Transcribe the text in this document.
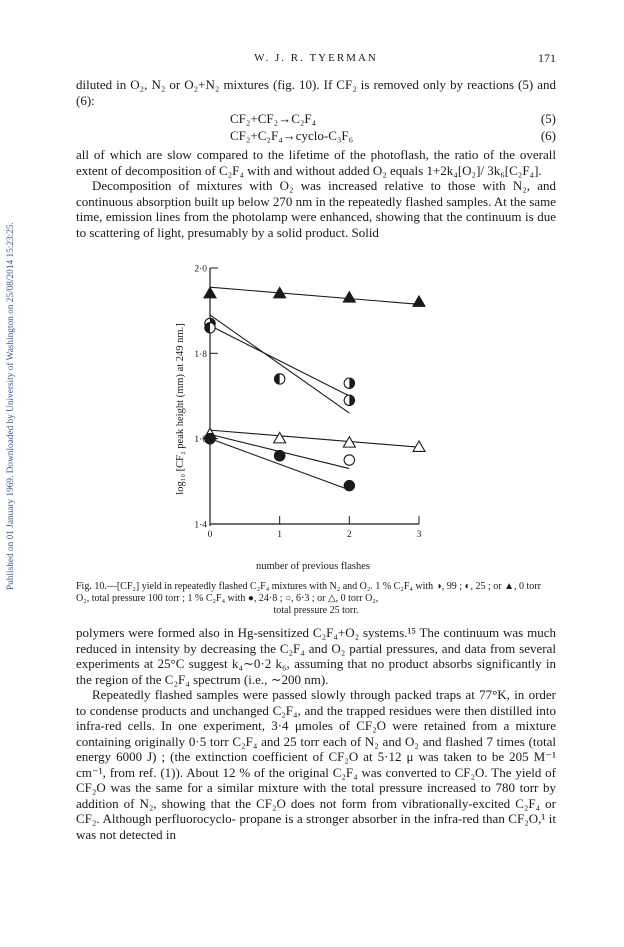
Published on 01 January 1969. Downloaded by University of Washington on 25/08/2014 15:23:25.
W. J. R. TYERMAN	171

diluted in O₂, N₂ or O₂+N₂ mixtures (fig. 10). If CF₂ is removed only by reactions (5) and (6):

CF₂+CF₂→C₂F₄	(5)
CF₂+C₂F₄→cyclo-C₃F₆	(6)

all of which are slow compared to the lifetime of the photoflash, the ratio of the overall extent of decomposition of C₂F₄ with and without added O₂ equals 1+2k₄[O₂]/ 3k₆[C₂F₄].

Decomposition of mixtures with O₂ was increased relative to those with N₂, and continuous absorption built up below 270 nm in the repeatedly flashed samples. At the same time, emission lines from the photolamp were enhanced, showing that the continuum is due to scattering of light, presumably by a solid product. Solid

0	1	2	3
1·4
1·6
1·8
2·0
log₁₀ [CF₂ peak height (mm) at 249 nm.]
number of previous flashes

Fig. 10.—[CF₂] yield in repeatedly flashed C₂F₄ mixtures with N₂ and O₂. 1 % C₂F₄ with ◑, 99 ; ◐, 25 ; or ▲, 0 torr O₂, total pressure 100 torr ; 1 % C₂F₄ with ●, 24·8 ; ○, 6·3 ; or △, 0 torr O₂,

total pressure 25 torr.

polymers were formed also in Hg-sensitized C₂F₄+O₂ systems.¹⁵ The continuum was much reduced in intensity by decreasing the C₂F₄ and O₂ partial pressures, and data from several experiments at 25°C suggest k₄∼0·2 k₆, assuming that no product absorbs significantly in the region of the C₂F₄ spectrum (i.e., ∼200 nm).

Repeatedly flashed samples were passed slowly through packed traps at 77°K, in order to condense products and unchanged C₂F₄, and the trapped residues were then distilled into infra-red cells. In one experiment, 3·4 μmoles of CF₂O were retained from a mixture containing originally 0·5 torr C₂F₄ and 25 torr each of N₂ and O₂ and flashed 7 times (total energy 6000 J) ; (the extinction coefficient of CF₂O at 5·12 μ was taken to be 205 M⁻¹ cm⁻¹, from ref. (1)). About 12 % of the original C₂F₄ was converted to CF₂O. The yield of CF₂O was the same for a similar mixture with the total pressure increased to 780 torr by addition of N₂, showing that the CF₂O does not form from vibrationally-excited C₂F₄ or CF₂. Although perfluorocyclo- propane is a stronger absorber in the infra-red than CF₂O,¹ it was not detected in
